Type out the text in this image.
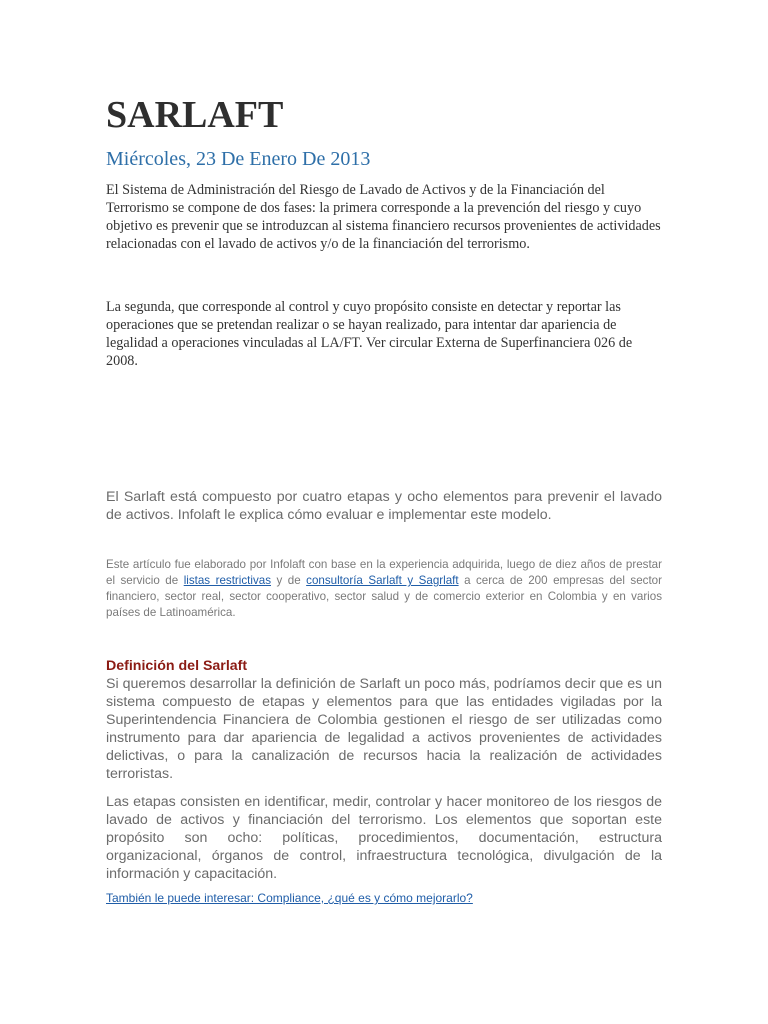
SARLAFT
Miércoles, 23 De Enero De 2013

El Sistema de Administración del Riesgo de Lavado de Activos y de la Financiación del Terrorismo se compone de dos fases: la primera corresponde a la prevención del riesgo y cuyo objetivo es prevenir que se introduzcan al sistema financiero recursos provenientes de actividades relacionadas con el lavado de activos y/o de la financiación del terrorismo.

La segunda, que corresponde al control y cuyo propósito consiste en detectar y reportar las operaciones que se pretendan realizar o se hayan realizado, para intentar dar apariencia de legalidad a operaciones vinculadas al LA/FT. Ver circular Externa de Superfinanciera 026 de 2008.

El Sarlaft está compuesto por cuatro etapas y ocho elementos para prevenir el lavado de activos. Infolaft le explica cómo evaluar e implementar este modelo.

Este artículo fue elaborado por Infolaft con base en la experiencia adquirida, luego de diez años de prestar el servicio de listas restrictivas y de consultoría Sarlaft y Sagrlaft a cerca de 200 empresas del sector financiero, sector real, sector cooperativo, sector salud y de comercio exterior en Colombia y en varios países de Latinoamérica.

Definición del Sarlaft

Si queremos desarrollar la definición de Sarlaft un poco más, podríamos decir que es un sistema compuesto de etapas y elementos para que las entidades vigiladas por la Superintendencia Financiera de Colombia gestionen el riesgo de ser utilizadas como instrumento para dar apariencia de legalidad a activos provenientes de actividades delictivas, o para la canalización de recursos hacia la realización de actividades terroristas.

Las etapas consisten en identificar, medir, controlar y hacer monitoreo de los riesgos de lavado de activos y financiación del terrorismo. Los elementos que soportan este propósito son ocho: políticas, procedimientos, documentación, estructura organizacional, órganos de control, infraestructura tecnológica, divulgación de la información y capacitación.

También le puede interesar: Compliance, ¿qué es y cómo mejorarlo?
